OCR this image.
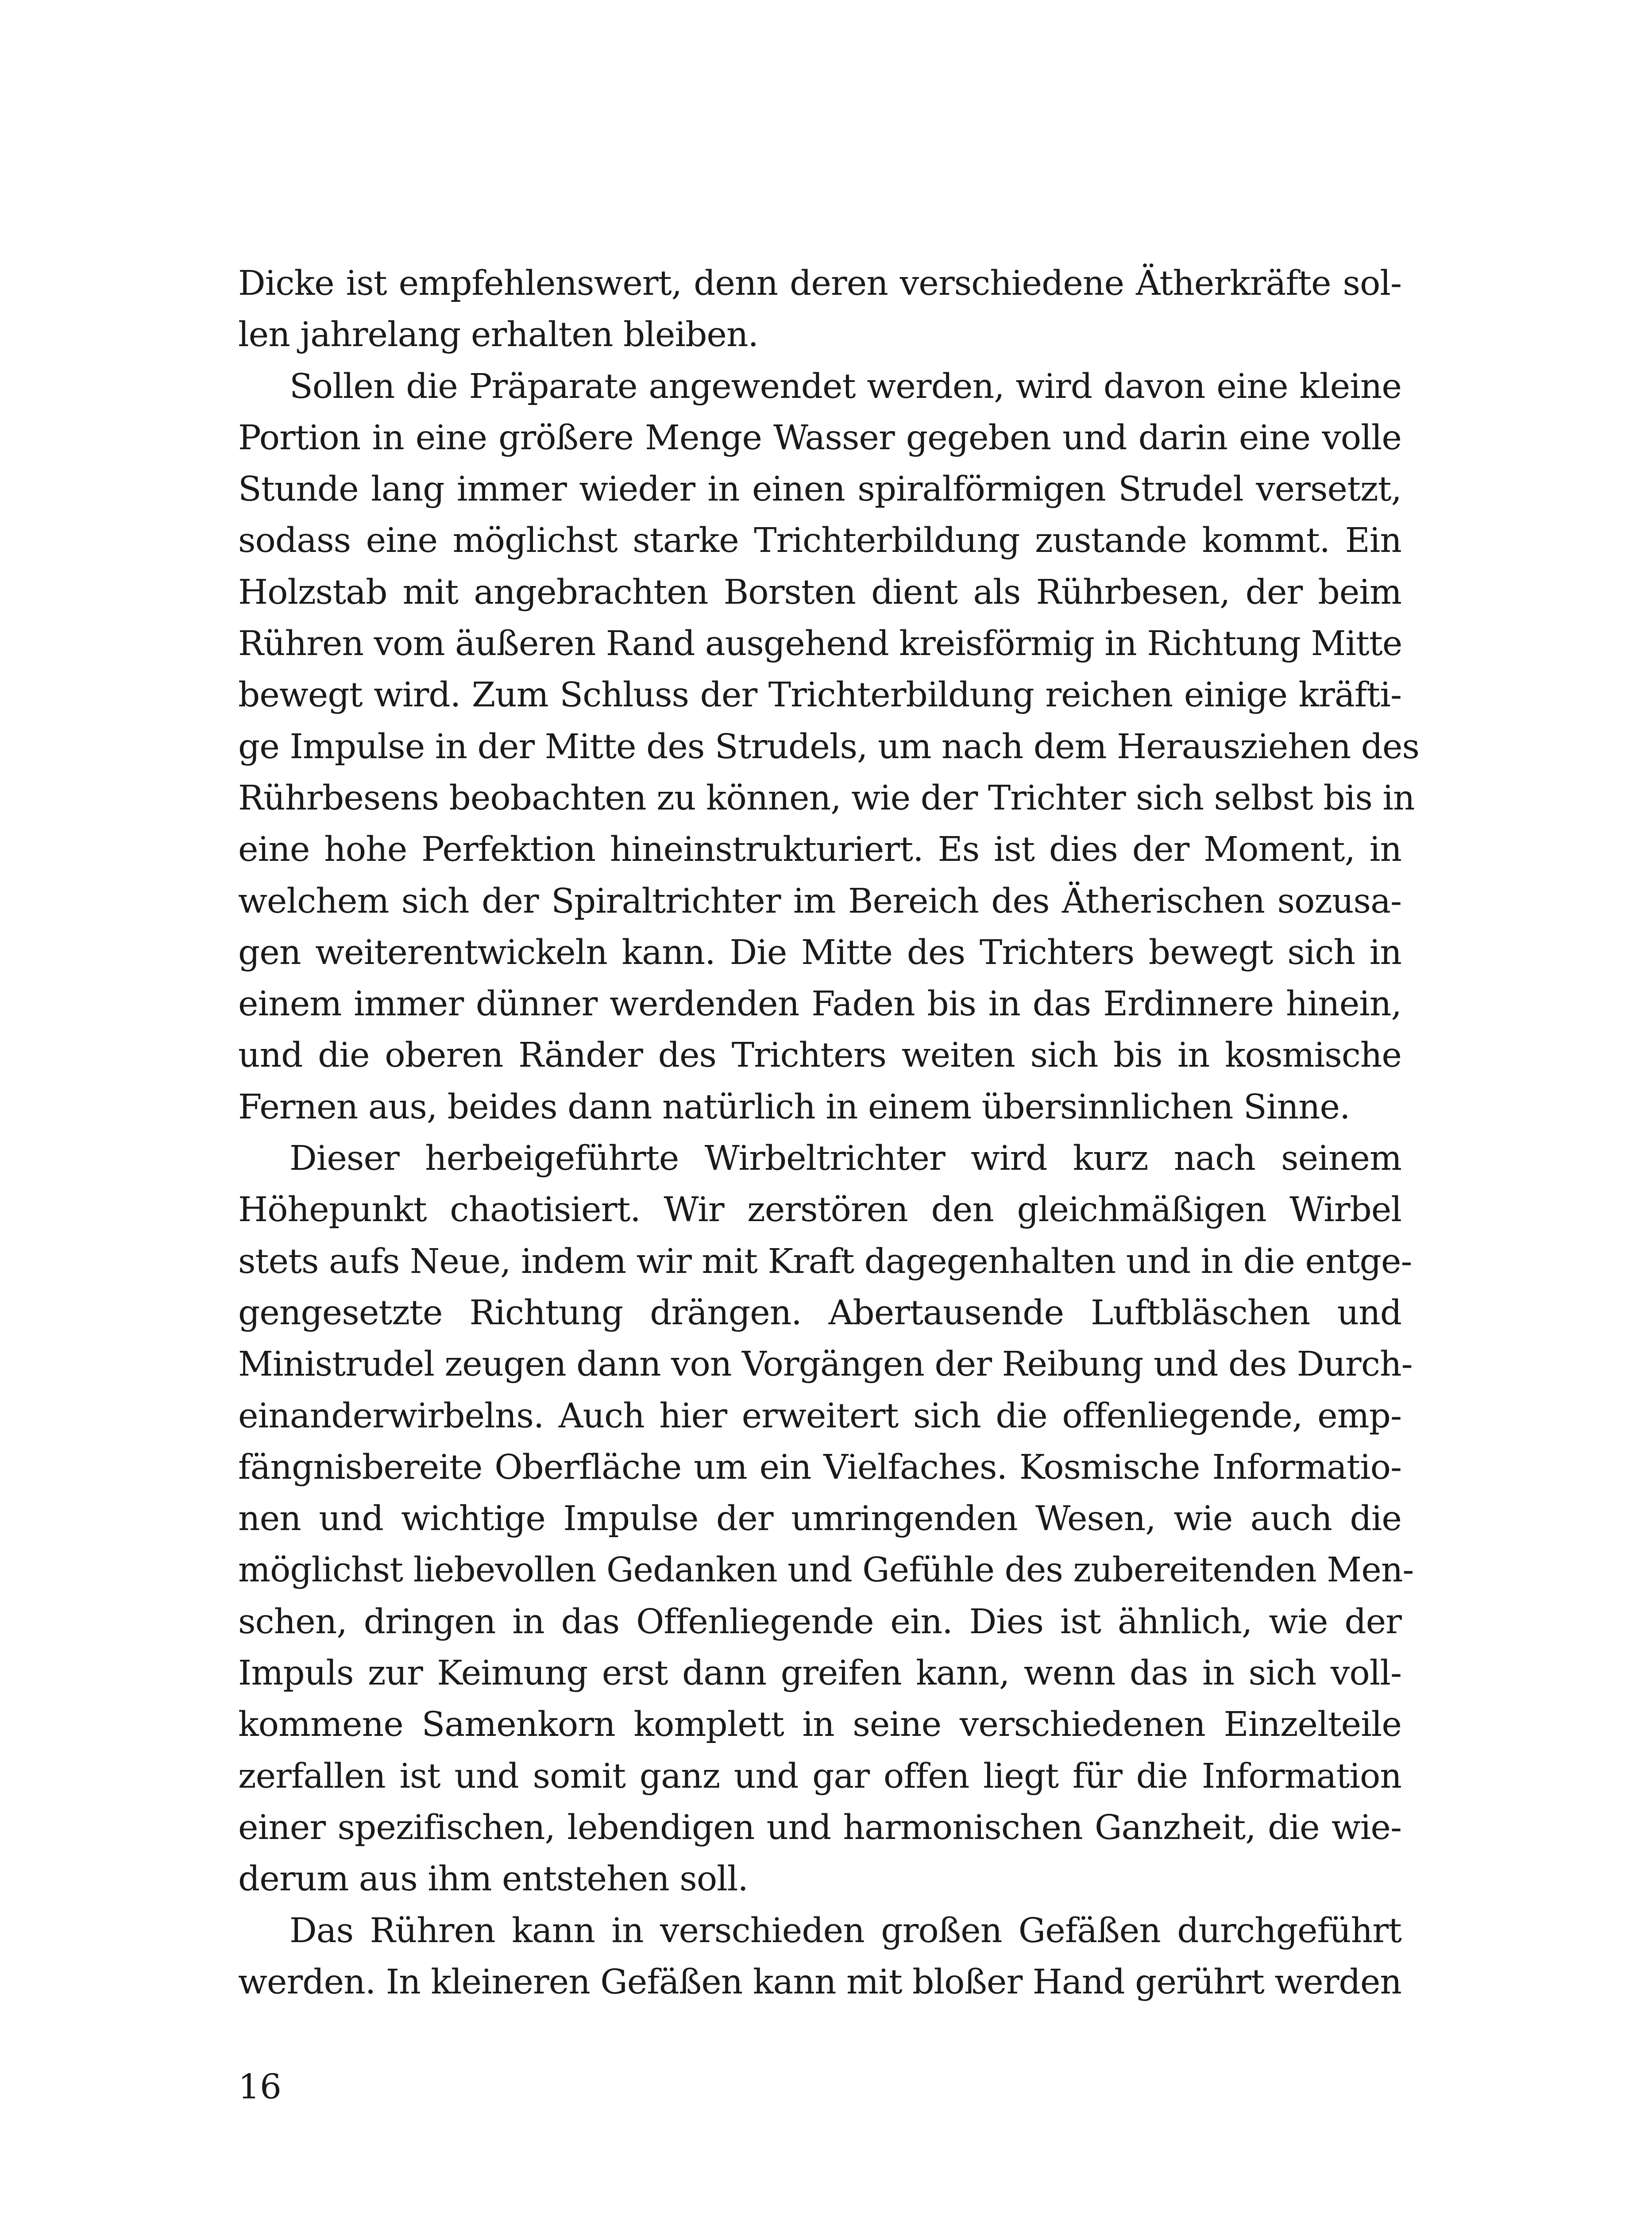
Dicke ist empfehlenswert, denn deren verschiedene Ätherkräfte sol-
len jahrelang erhalten bleiben.

Sollen die Präparate angewendet werden, wird davon eine kleine
Portion in eine größere Menge Wasser gegeben und darin eine volle
Stunde lang immer wieder in einen spiralförmigen Strudel versetzt,
sodass eine möglichst starke Trichterbildung zustande kommt. Ein
Holzstab mit angebrachten Borsten dient als Rührbesen, der beim
Rühren vom äußeren Rand ausgehend kreisförmig in Richtung Mitte
bewegt wird. Zum Schluss der Trichterbildung reichen einige kräfti-
ge Impulse in der Mitte des Strudels, um nach dem Herausziehen des
Rührbesens beobachten zu können, wie der Trichter sich selbst bis in
eine hohe Perfektion hineinstrukturiert. Es ist dies der Moment, in
welchem sich der Spiraltrichter im Bereich des Ätherischen sozusa-
gen weiterentwickeln kann. Die Mitte des Trichters bewegt sich in
einem immer dünner werdenden Faden bis in das Erdinnere hinein,
und die oberen Ränder des Trichters weiten sich bis in kosmische
Fernen aus, beides dann natürlich in einem übersinnlichen Sinne.

Dieser herbeigeführte Wirbeltrichter wird kurz nach seinem
Höhepunkt chaotisiert. Wir zerstören den gleichmäßigen Wirbel
stets aufs Neue, indem wir mit Kraft dagegenhalten und in die entge-
gengesetzte Richtung drängen. Abertausende Luftbläschen und
Ministrudel zeugen dann von Vorgängen der Reibung und des Durch-
einanderwirbelns. Auch hier erweitert sich die offenliegende, emp-
fängnisbereite Oberfläche um ein Vielfaches. Kosmische Informatio-
nen und wichtige Impulse der umringenden Wesen, wie auch die
möglichst liebevollen Gedanken und Gefühle des zubereitenden Men-
schen, dringen in das Offenliegende ein. Dies ist ähnlich, wie der
Impuls zur Keimung erst dann greifen kann, wenn das in sich voll-
kommene Samenkorn komplett in seine verschiedenen Einzelteile
zerfallen ist und somit ganz und gar offen liegt für die Information
einer spezifischen, lebendigen und harmonischen Ganzheit, die wie-
derum aus ihm entstehen soll.

Das Rühren kann in verschieden großen Gefäßen durchgeführt
werden. In kleineren Gefäßen kann mit bloßer Hand gerührt werden

16
